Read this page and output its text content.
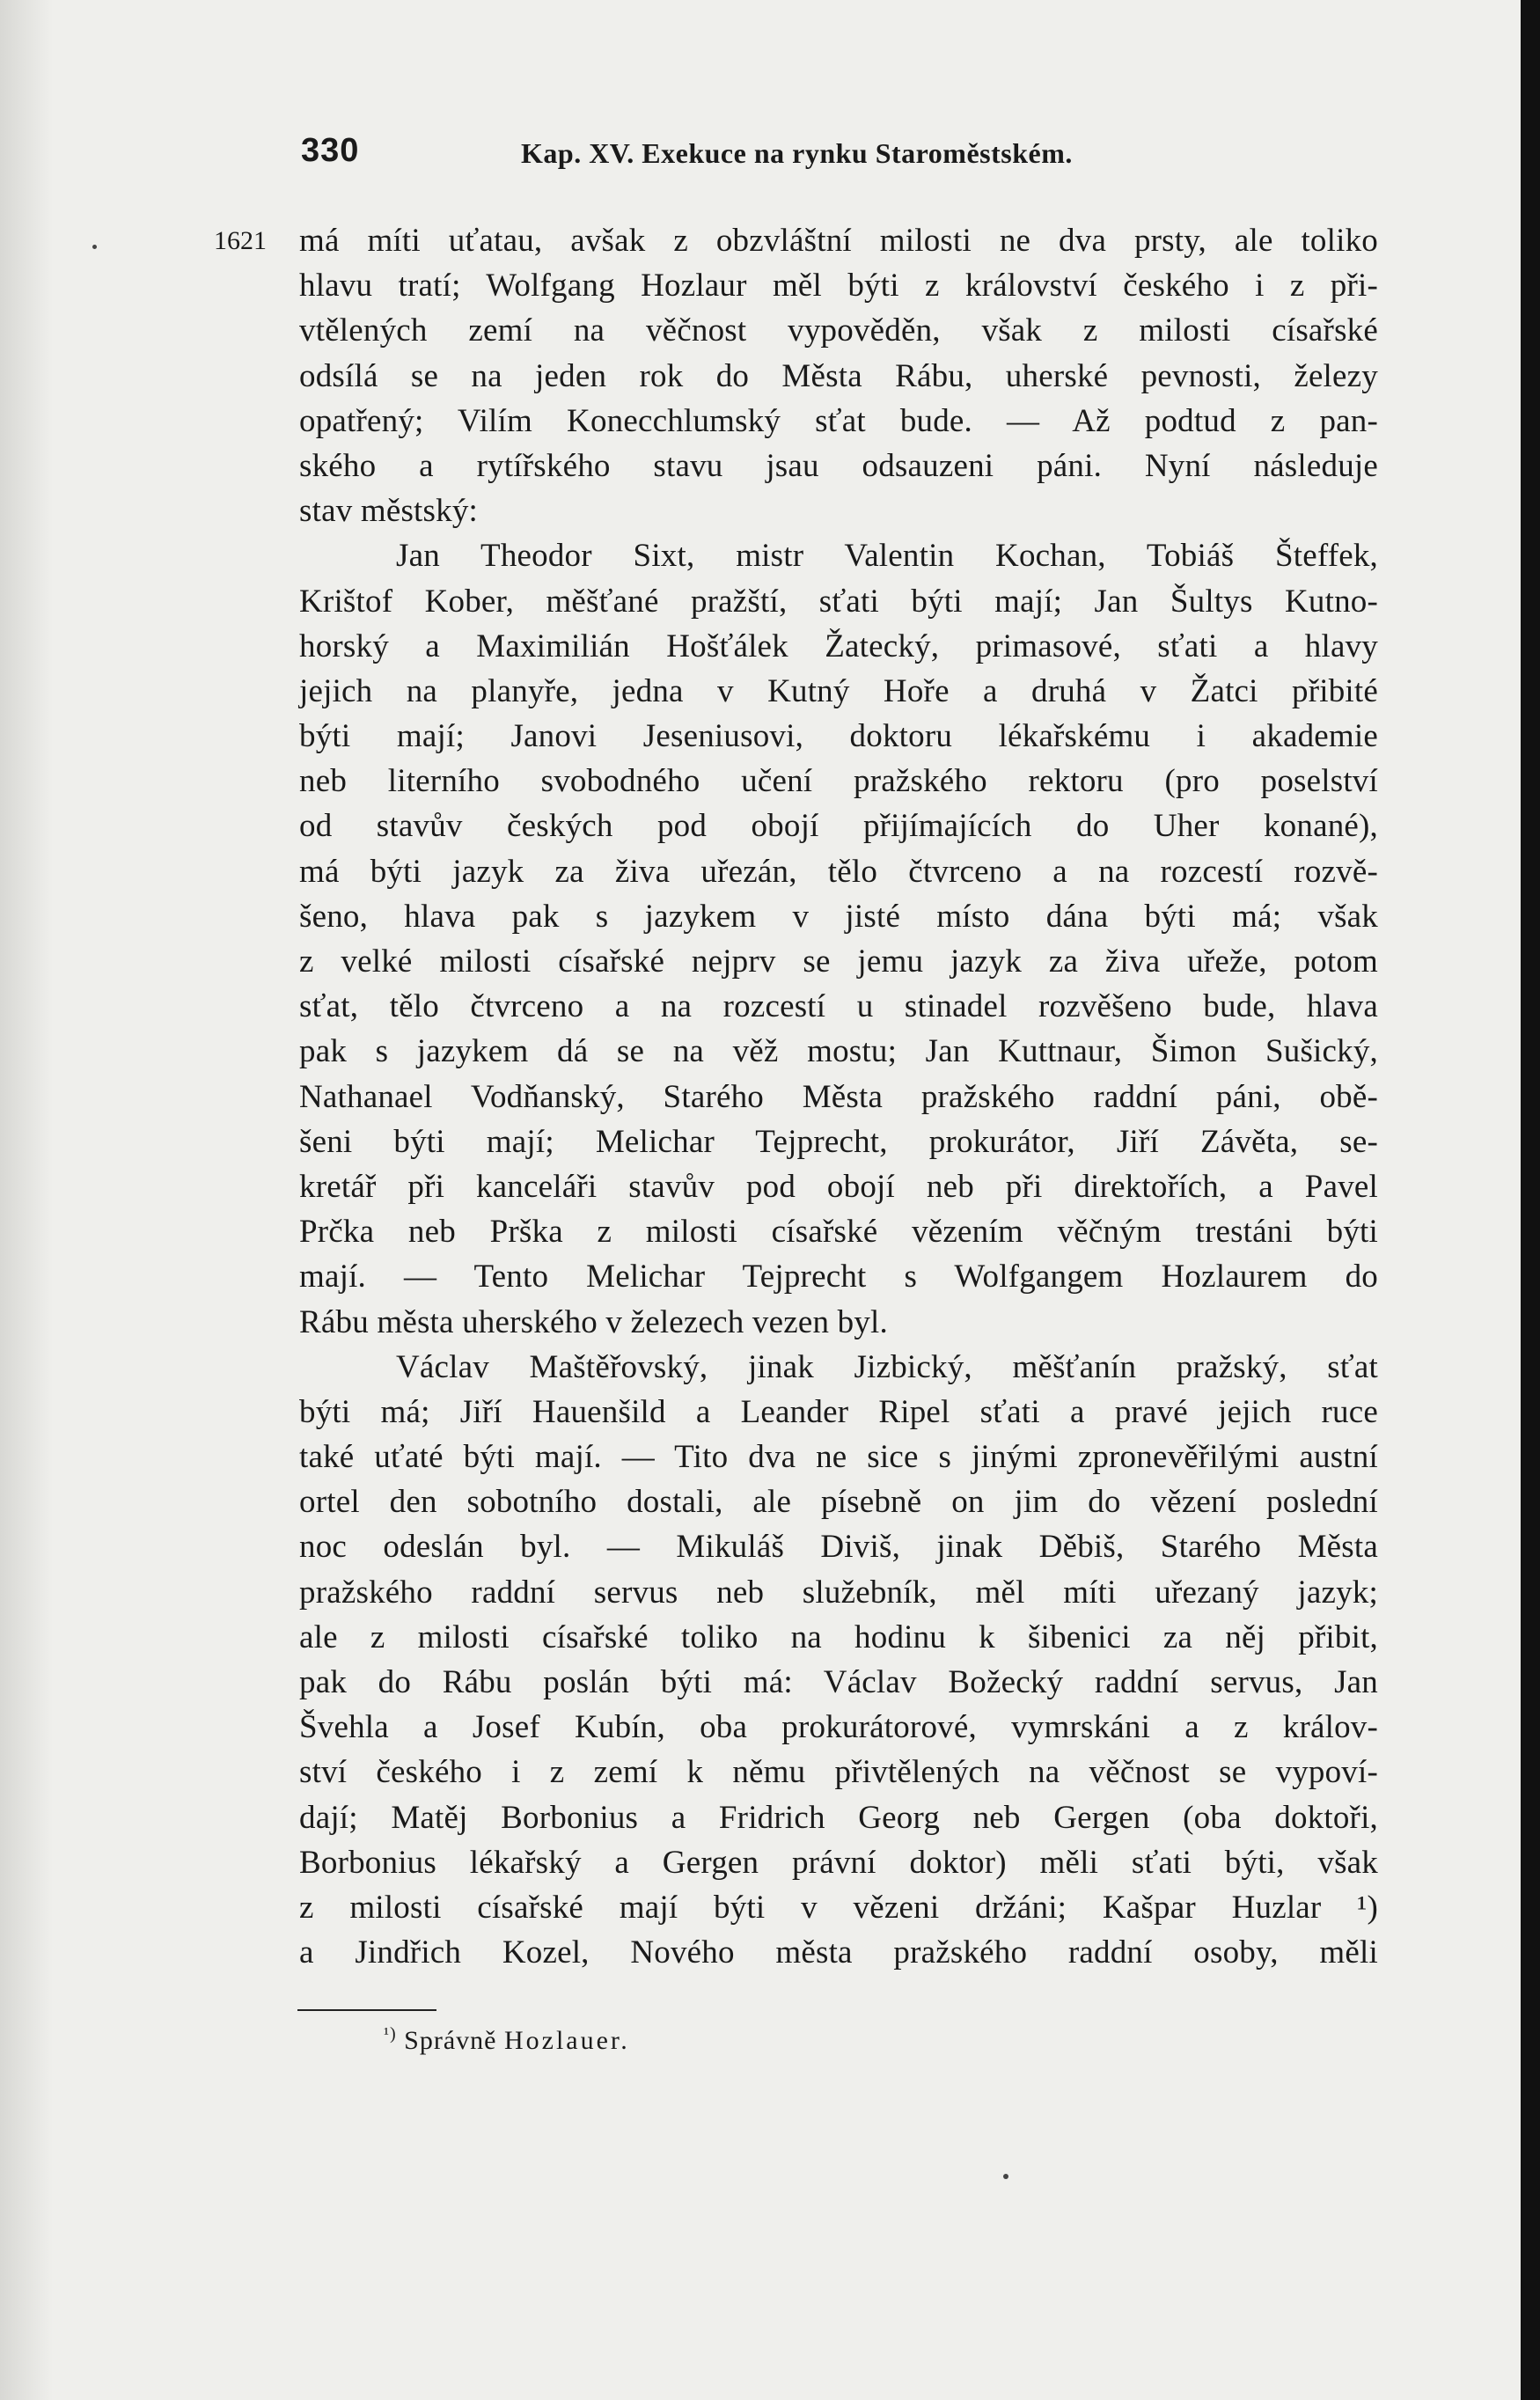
330	Kap. XV. Exekuce na rynku Staroměstském.
1621 má míti uťatau, avšak z obzvláštní milosti ne dva prsty, ale toliko
hlavu tratí; Wolfgang Hozlaur měl býti z království českého i z při-
vtělených zemí na věčnost vypověděn, však z milosti císařské
odsílá se na jeden rok do Města Rábu, uherské pevnosti, železy
opatřený; Vilím Konecchlumský sťat bude. — Až podtud z pan-
ského a rytířského stavu jsau odsauzeni páni. Nyní následuje
stav městský:
Jan Theodor Sixt, mistr Valentin Kochan, Tobiáš Šteffek,
Krištof Kober, měšťané pražští, sťati býti mají; Jan Šultys Kutno-
horský a Maximilián Hošťálek Žatecký, primasové, sťati a hlavy
jejich na planyře, jedna v Kutný Hoře a druhá v Žatci přibité
býti mají; Janovi Jeseniusovi, doktoru lékařskému i akademie
neb literního svobodného učení pražského rektoru (pro poselství
od stavův českých pod obojí přijímajících do Uher konané),
má býti jazyk za živa uřezán, tělo čtvrceno a na rozcestí rozvě-
šeno, hlava pak s jazykem v jisté místo dána býti má; však
z velké milosti císařské nejprv se jemu jazyk za živa uřeže, potom
sťat, tělo čtvrceno a na rozcestí u stinadel rozvěšeno bude, hlava
pak s jazykem dá se na věž mostu; Jan Kuttnaur, Šimon Sušický,
Nathanael Vodňanský, Starého Města pražského raddní páni, obě-
šeni býti mají; Melichar Tejprecht, prokurátor, Jiří Závěta, se-
kretář při kanceláři stavův pod obojí neb při direktořích, a Pavel
Prčka neb Prška z milosti císařské vězením věčným trestáni býti
mají. — Tento Melichar Tejprecht s Wolfgangem Hozlaurem do
Rábu města uherského v železech vezen byl.
Václav Maštěřovský, jinak Jizbický, měšťanín pražský, sťat
býti má; Jiří Hauenšild a Leander Ripel sťati a pravé jejich ruce
také uťaté býti mají. — Tito dva ne sice s jinými zpronevěřilými austní
ortel den sobotního dostali, ale písebně on jim do vězení poslední
noc odeslán byl. — Mikuláš Diviš, jinak Děbiš, Starého Města
pražského raddní servus neb služebník, měl míti uřezaný jazyk;
ale z milosti císařské toliko na hodinu k šibenici za něj přibit,
pak do Rábu poslán býti má: Václav Božecký raddní servus, Jan
Švehla a Josef Kubín, oba prokurátorové, vymrskáni a z králov-
ství českého i z zemí k němu přivtělených na věčnost se vypoví-
dají; Matěj Borbonius a Fridrich Georg neb Gergen (oba doktoři,
Borbonius lékařský a Gergen právní doktor) měli sťati býti, však
z milosti císařské mají býti v vězeni držáni; Kašpar Huzlar ¹)
a Jindřich Kozel, Nového města pražského raddní osoby, měli
$^{^1)}$ Správně Hozlauer.
